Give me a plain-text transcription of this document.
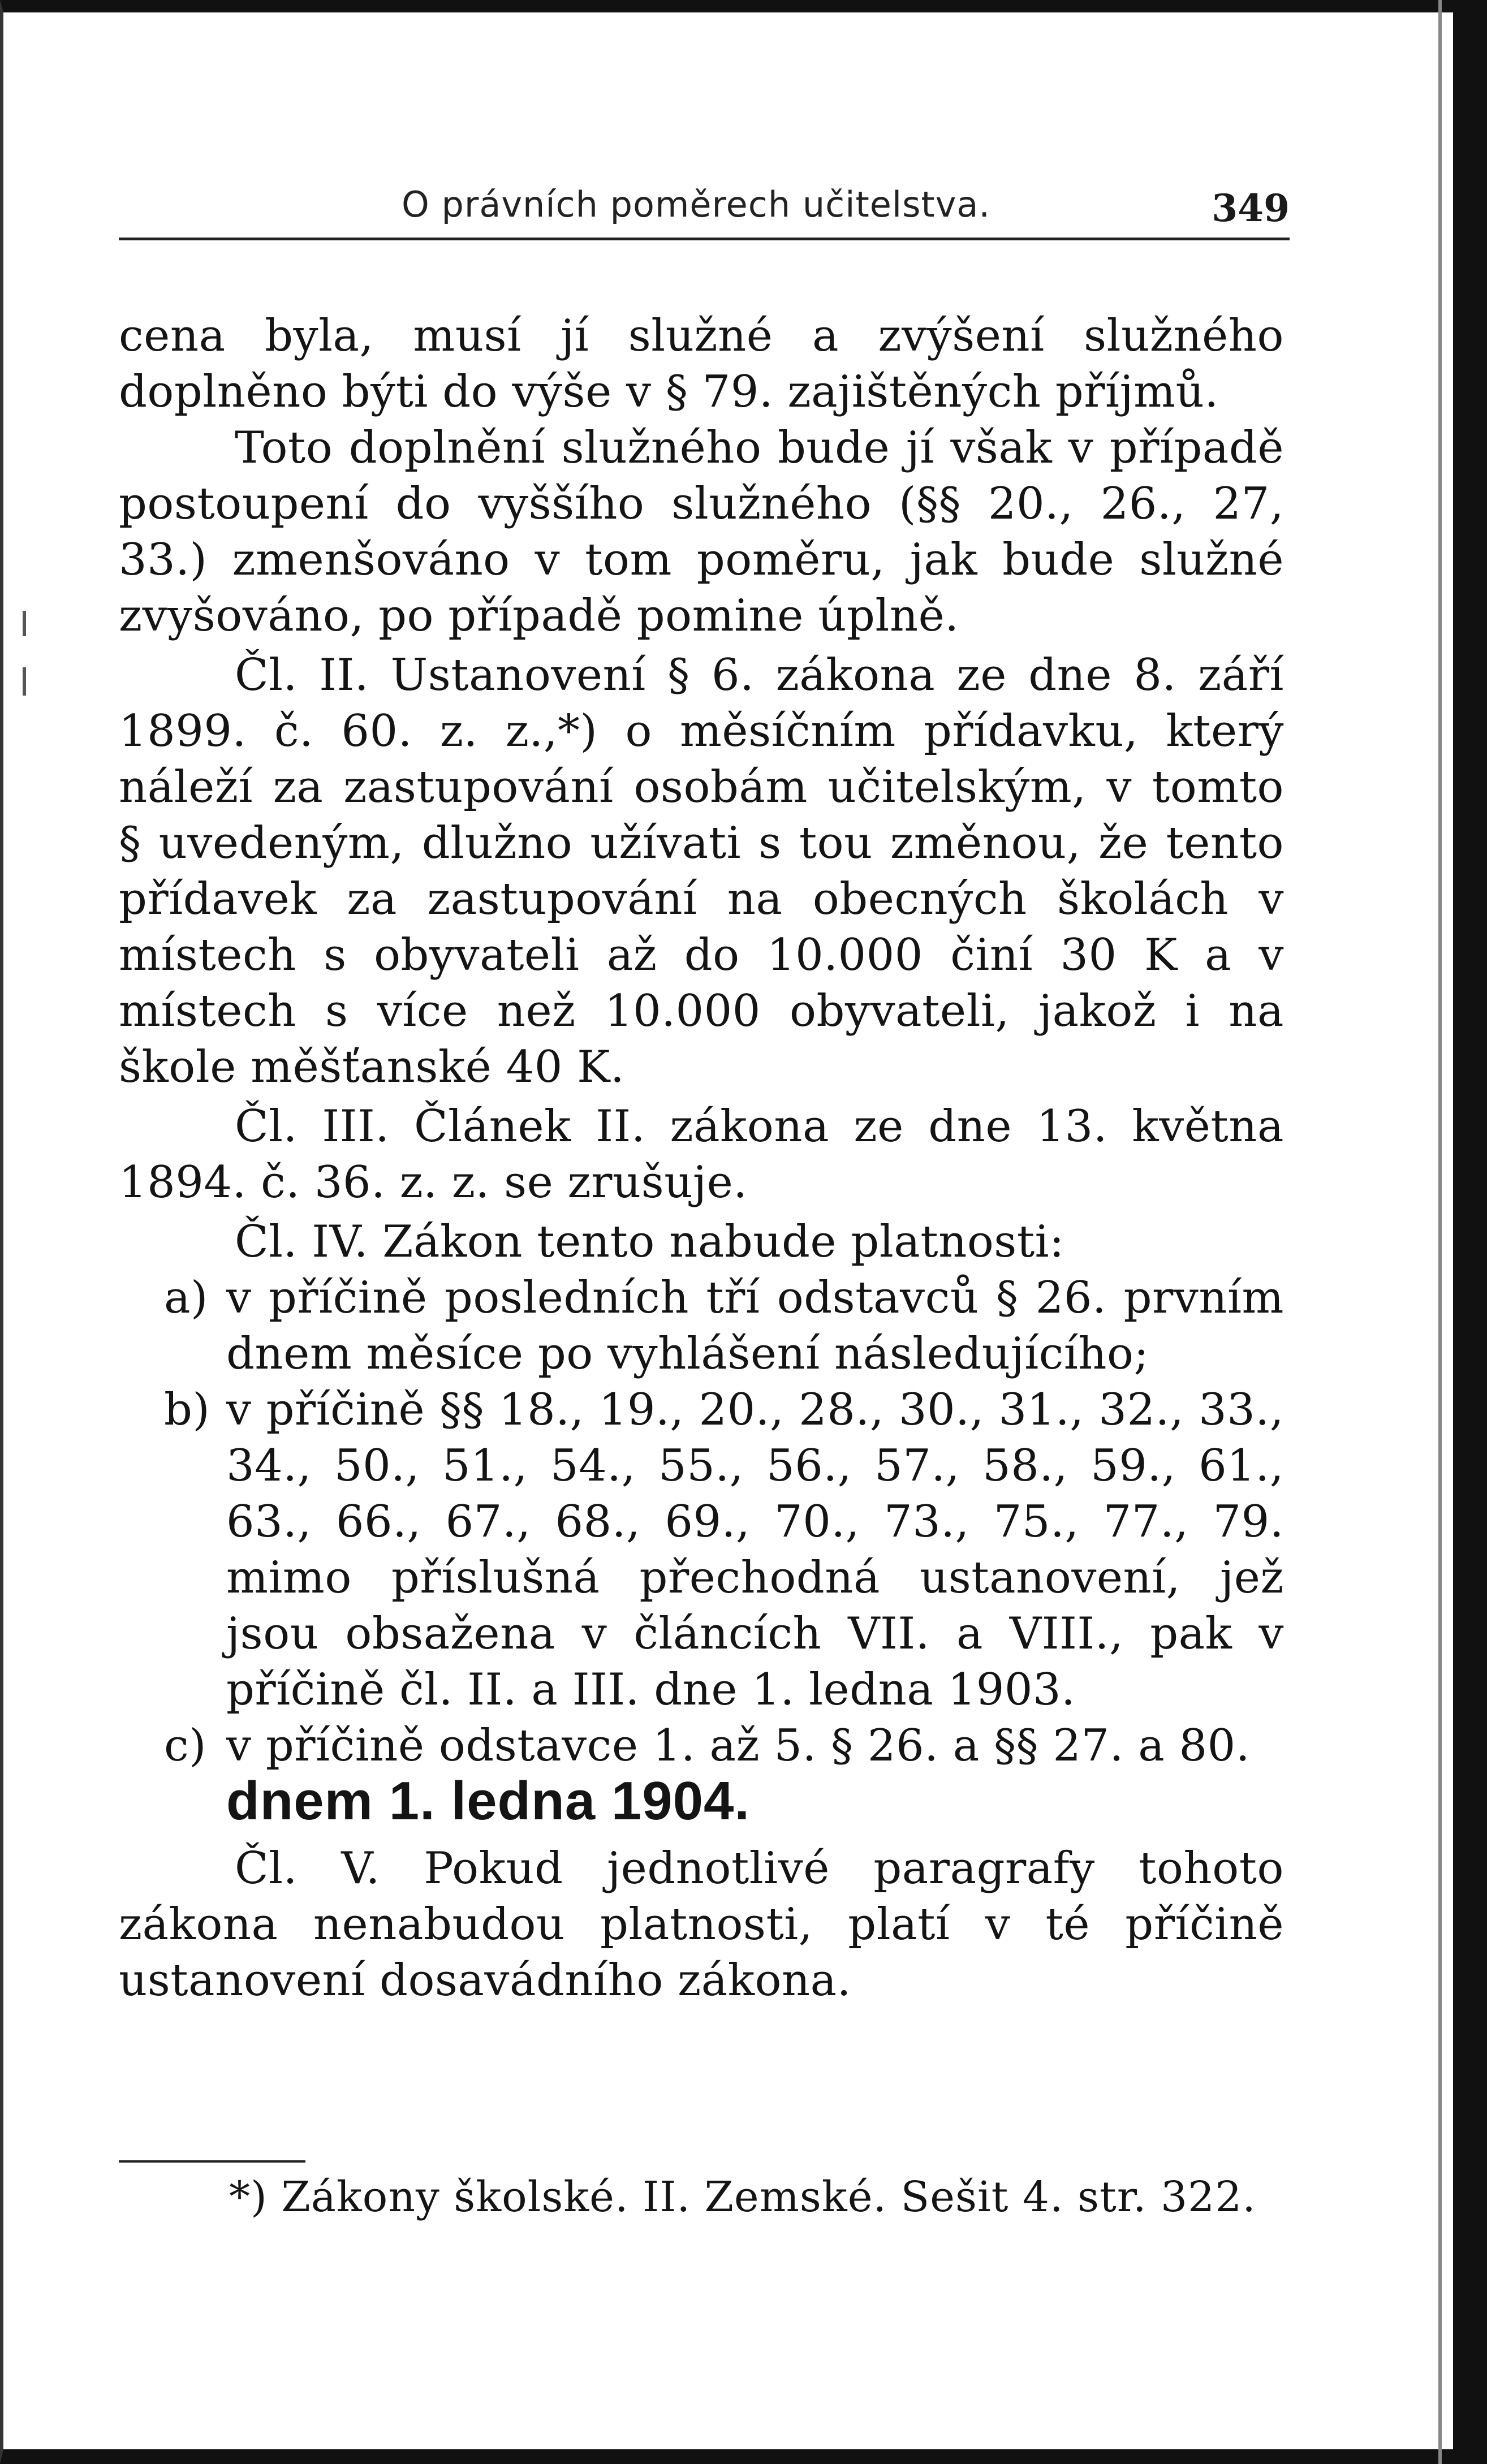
O právních poměrech učitelstva.	349

cena byla, musí jí služné a zvýšení služného doplněno býti do výše v § 79. zajištěných příjmů.

Toto doplnění služného bude jí však v případě postoupení do vyššího služného (§§ 20., 26., 27, 33.) zmenšováno v tom poměru, jak bude služné zvyšováno, po případě pomine úplně.

Čl. II. Ustanovení § 6. zákona ze dne 8. září 1899. č. 60. z. z.,*) o měsíčním přídavku, který náleží za zastupování osobám učitelským, v tomto § uvedeným, dlužno užívati s tou změnou, že tento přídavek za zastupování na obecných školách v místech s obyvateli až do 10.000 činí 30 K a v místech s více než 10.000 obyvateli, jakož i na škole měšťanské 40 K.

Čl. III. Článek II. zákona ze dne 13. května 1894. č. 36. z. z. se zrušuje.

Čl. IV. Zákon tento nabude platnosti:

a) v příčině posledních tří odstavců § 26. prvním dnem měsíce po vyhlášení následujícího;
b) v příčině §§ 18., 19., 20., 28., 30., 31., 32., 33., 34., 50., 51., 54., 55., 56., 57., 58., 59., 61., 63., 66., 67., 68., 69., 70., 73., 75., 77., 79. mimo příslušná přechodná ustanovení, jež jsou obsažena v článcích VII. a VIII., pak v příčině čl. II. a III. dne 1. ledna 1903.
c) v příčině odstavce 1. až 5. § 26. a §§ 27. a 80.
dnem 1. ledna 1904.

Čl. V. Pokud jednotlivé paragrafy tohoto zákona nenabudou platnosti, platí v té příčině ustanovení dosavádního zákona.

*) Zákony školské. II. Zemské. Sešit 4. str. 322.
